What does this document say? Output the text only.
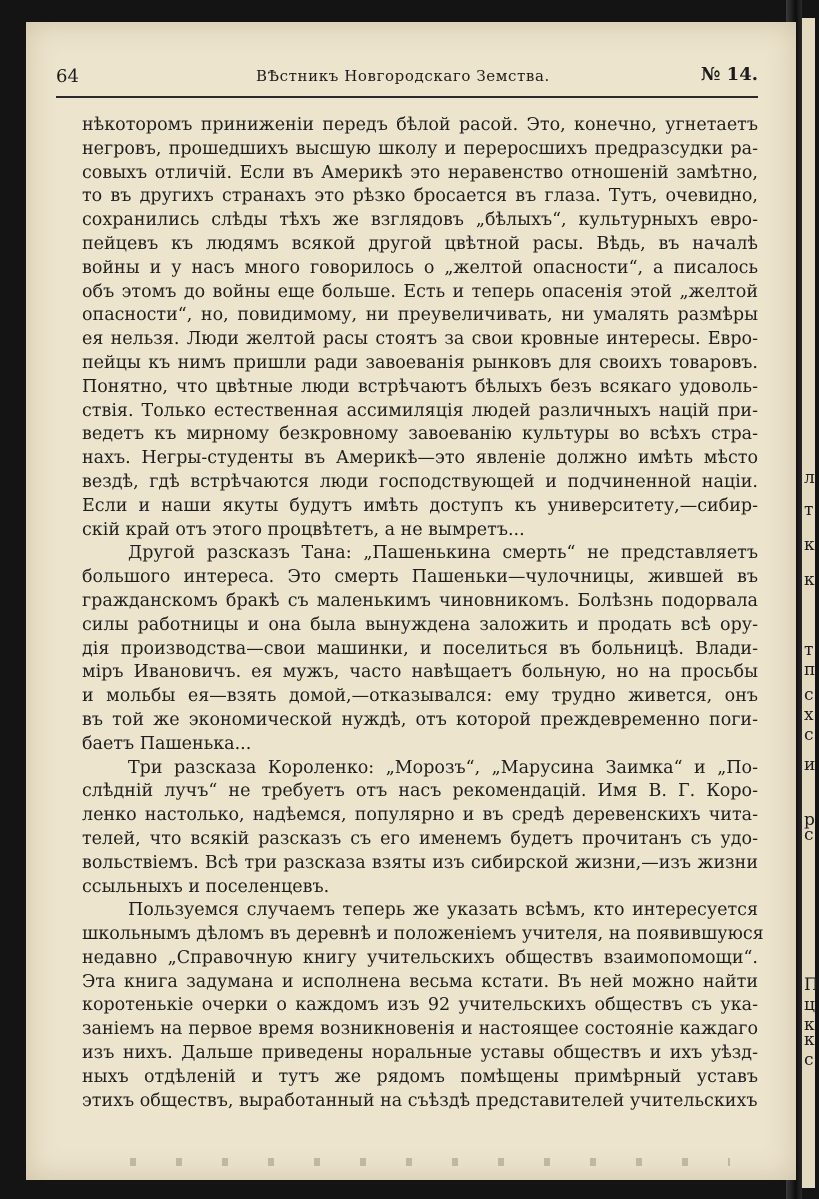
л
т
к
к
т
п
с
х
с
и
р
с
П
ц
к
к
с
64	ВѢстникъ Новгородскаго Земства.	№ 14.
нѣкоторомъ приниженіи передъ бѣлой расой. Это, конечно, угнетаетъ
негровъ, прошедшихъ высшую школу и переросшихъ предразсудки ра-
совыхъ отличій. Если въ Америкѣ это неравенство отношеній замѣтно,
то въ другихъ странахъ это рѣзко бросается въ глаза. Тутъ, очевидно,
сохранились слѣды тѣхъ же взглядовъ „бѣлыхъ“, культурныхъ евро-
пейцевъ къ людямъ всякой другой цвѣтной расы. Вѣдь, въ началѣ
войны и у насъ много говорилось о „желтой опасности“, а писалось
объ этомъ до войны еще больше. Есть и теперь опасенія этой „желтой
опасности“, но, повидимому, ни преувеличивать, ни умалять размѣры
ея нельзя. Люди желтой расы стоятъ за свои кровные интересы. Евро-
пейцы къ нимъ пришли ради завоеванія рынковъ для своихъ товаровъ.
Понятно, что цвѣтные люди встрѣчаютъ бѣлыхъ безъ всякаго удоволь-
ствія. Только естественная ассимиляція людей различныхъ націй при-
ведетъ къ мирному безкровному завоеванію культуры во всѣхъ стра-
нахъ. Негры-студенты въ Америкѣ—это явленіе должно имѣть мѣсто
вездѣ, гдѣ встрѣчаются люди господствующей и подчиненной націи.
Если и наши якуты будутъ имѣть доступъ къ университету,—сибир-
скій край отъ этого процвѣтетъ, а не вымретъ...
Другой разсказъ Тана: „Пашенькина смерть“ не представляетъ
большого интереса. Это смерть Пашеньки—чулочницы, жившей въ
гражданскомъ бракѣ съ маленькимъ чиновникомъ. Болѣзнь подорвала
силы работницы и она была вынуждена заложить и продать всѣ ору-
дія производства—свои машинки, и поселиться въ больницѣ. Влади-
міръ Ивановичъ. ея мужъ, часто навѣщаетъ больную, но на просьбы
и мольбы ея—взять домой,—отказывался: ему трудно живется, онъ
въ той же экономической нуждѣ, отъ которой преждевременно поги-
баетъ Пашенька...
Три разсказа Короленко: „Морозъ“, „Марусина Заимка“ и „По-
слѣдній лучъ“ не требуетъ отъ насъ рекомендацій. Имя В. Г. Коро-
ленко настолько, надѣемся, популярно и въ средѣ деревенскихъ чита-
телей, что всякій разсказъ съ его именемъ будетъ прочитанъ съ удо-
вольствіемъ. Всѣ три разсказа взяты изъ сибирской жизни,—изъ жизни
ссыльныхъ и поселенцевъ.
Пользуемся случаемъ теперь же указать всѣмъ, кто интересуется
школьнымъ дѣломъ въ деревнѣ и положеніемъ учителя, на появившуюся
недавно „Справочную книгу учительскихъ обществъ взаимопомощи“.
Эта книга задумана и исполнена весьма кстати. Въ ней можно найти
коротенькіе очерки о каждомъ изъ 92 учительскихъ обществъ съ ука-
заніемъ на первое время возникновенія и настоящее состояніе каждаго
изъ нихъ. Дальше приведены норальные уставы обществъ и ихъ уѣзд-
ныхъ отдѣленій и тутъ же рядомъ помѣщены примѣрный уставъ
этихъ обществъ, выработанный на съѣздѣ представителей учительскихъ
